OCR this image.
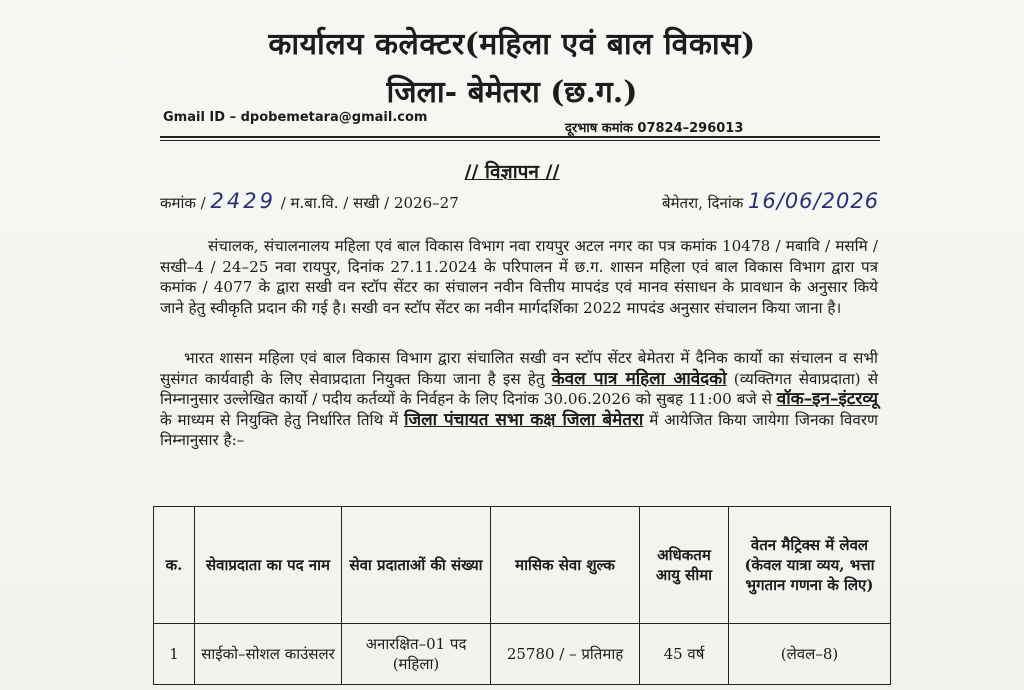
कार्यालय कलेक्टर(महिला एवं बाल विकास)
जिला- बेमेतरा (छ.ग.)
Gmail ID – dpobemetara@gmail.com
दूरभाष कमांक 07824–296013
// विज्ञापन //
कमांक / 2429 / म.बा.वि. / सखी / 2026–27	बेमेतरा, दिनांक 16/06/2026
संचालक, संचालनालय महिला एवं बाल विकास विभाग नवा रायपुर अटल नगर का पत्र कमांक 10478 / मबावि / मसमि / सखी–4 / 24–25 नवा रायपुर, दिनांक 27.11.2024 के परिपालन में छ.ग. शासन महिला एवं बाल विकास विभाग द्वारा पत्र कमांक / 4077 के द्वारा सखी वन स्टॉप सेंटर का संचालन नवीन वित्तीय मापदंड एवं मानव संसाधन के प्रावधान के अनुसार किये जाने हेतु स्वीकृति प्रदान की गई है। सखी वन स्टॉप सेंटर का नवीन मार्गदर्शिका 2022 मापदंड अनुसार संचालन किया जाना है।
भारत शासन महिला एवं बाल विकास विभाग द्वारा संचालित सखी वन स्टॉप सेंटर बेमेतरा में दैनिक कार्यो का संचालन व सभी सुसंगत कार्यवाही के लिए सेवाप्रदाता नियुक्त किया जाना है इस हेतु केवल पात्र महिला आवेदको (व्यक्तिगत सेवाप्रदाता) से निम्नानुसार उल्लेखित कार्यो / पदीय कर्तव्यों के निर्वहन के लिए दिनांक 30.06.2026 को सुबह 11:00 बजे से वॉक–इन–इंटरव्यू के माध्यम से नियुक्ति हेतु निर्धारित तिथि में जिला पंचायत सभा कक्ष जिला बेमेतरा में आयेजित किया जायेगा जिनका विवरण निम्नानुसार है:–
क.	सेवाप्रदाता का पद नाम	सेवा प्रदाताओं की संख्या	मासिक सेवा शुल्क	अधिकतम आयु सीमा	वेतन मैट्रिक्स में लेवल (केवल यात्रा व्यय, भत्ता भुगतान गणना के लिए)
1	साईको–सोशल काउंसलर	अनारक्षित–01 पद (महिला)	25780 / – प्रतिमाह	45 वर्ष	(लेवल–8)
